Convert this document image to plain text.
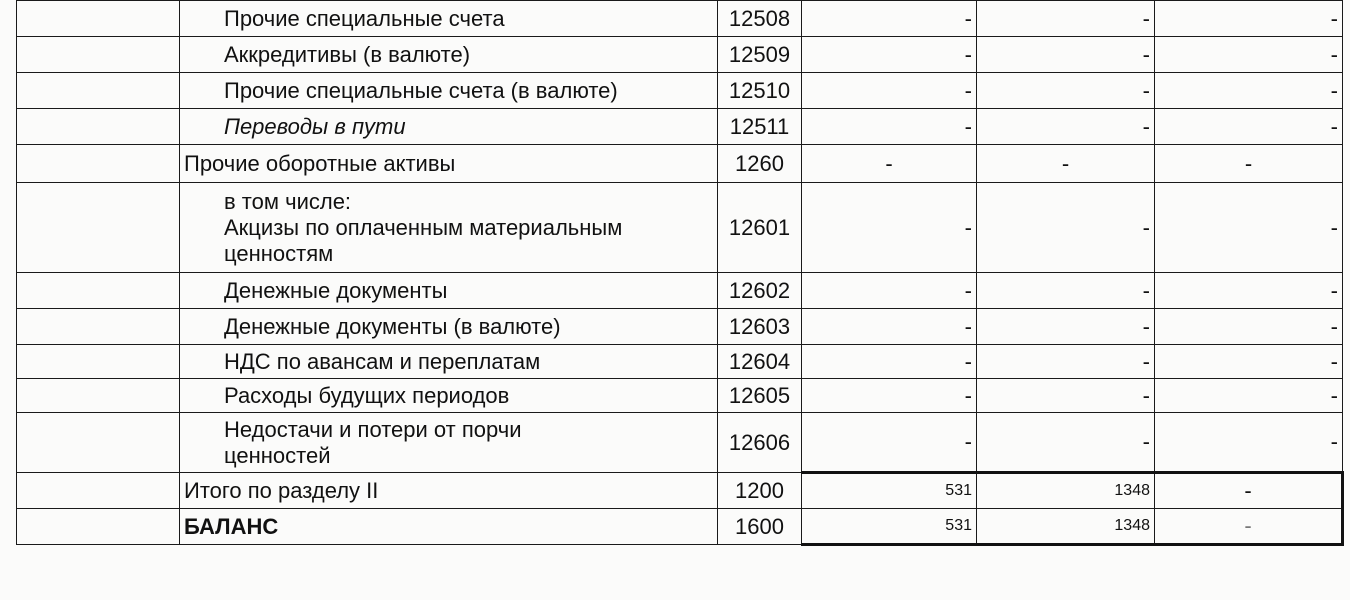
	Прочие специальные счета	12508	-	-	-
	Аккредитивы (в валюте)	12509	-	-	-
	Прочие специальные счета (в валюте)	12510	-	-	-
	Переводы в пути	12511	-	-	-
	Прочие оборотные активы	1260	-	-	-

	в том числе:
Акцизы по оплаченным материальным ценностям	12601	-	-	-
	Денежные документы	12602	-	-	-
	Денежные документы (в валюте)	12603	-	-	-
	НДС по авансам и переплатам	12604	-	-	-
	Расходы будущих периодов	12605	-	-	-

	Недостачи и потери от порчи ценностей	12606	-	-	-
	Итого по разделу II	1200	531	1348	-
	БАЛАНС	1600	531	1348	-
